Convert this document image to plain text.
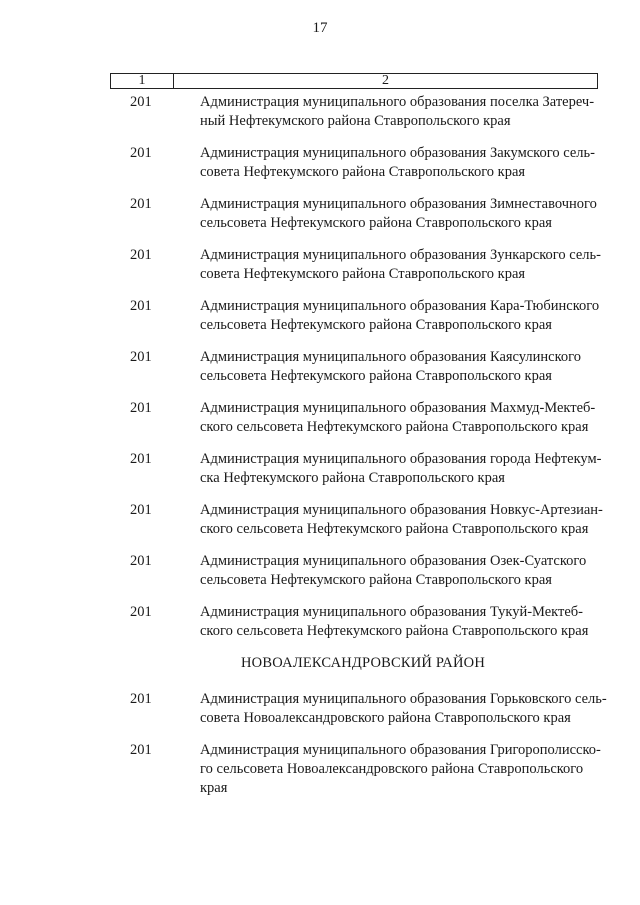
17
1	2
201	Администрация муниципального образования поселка Затереч-
ный Нефтекумского района Ставропольского края
201	Администрация муниципального образования Закумского сель-
совета Нефтекумского района Ставропольского края
201	Администрация муниципального образования Зимнеставочного
сельсовета Нефтекумского района Ставропольского края
201	Администрация муниципального образования Зункарского сель-
совета Нефтекумского района Ставропольского края
201	Администрация муниципального образования Кара-Тюбинского
сельсовета Нефтекумского района Ставропольского края
201	Администрация муниципального образования Каясулинского
сельсовета Нефтекумского района Ставропольского края
201	Администрация муниципального образования Махмуд-Мектеб-
ского сельсовета Нефтекумского района Ставропольского края
201	Администрация муниципального образования города Нефтекум-
ска Нефтекумского района Ставропольского края
201	Администрация муниципального образования Новкус-Артезиан-
ского сельсовета Нефтекумского района Ставропольского края
201	Администрация муниципального образования Озек-Суатского
сельсовета Нефтекумского района Ставропольского края
201	Администрация муниципального образования Тукуй-Мектеб-
ского сельсовета Нефтекумского района Ставропольского края
НОВОАЛЕКСАНДРОВСКИЙ РАЙОН
201	Администрация муниципального образования Горьковского сель-
совета Новоалександровского района Ставропольского края
201	Администрация муниципального образования Григорополисско-
го сельсовета Новоалександровского района Ставропольского
края
